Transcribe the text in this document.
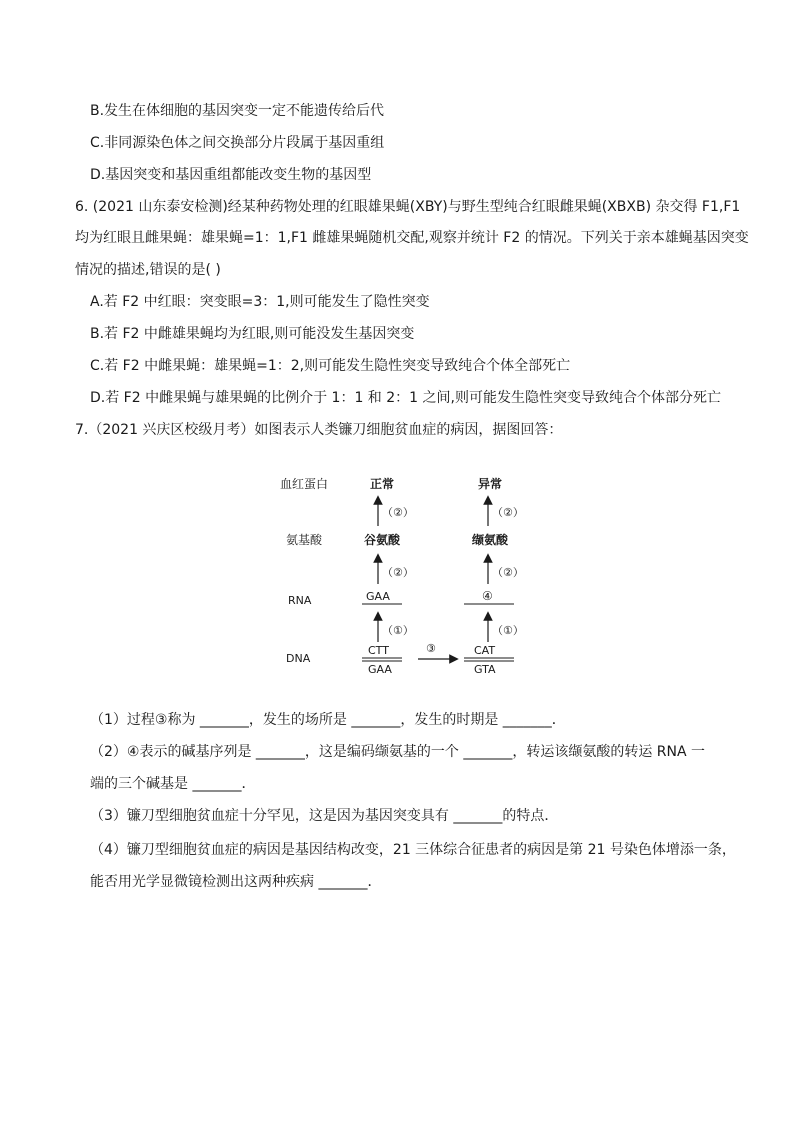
B.发生在体细胞的基因突变一定不能遗传给后代
C.非同源染色体之间交换部分片段属于基因重组
D.基因突变和基因重组都能改变生物的基因型
6. (2021 山东泰安检测)经某种药物处理的红眼雄果蝇(XBY)与野生型纯合红眼雌果蝇(XBXB) 杂交得 F1,F1
均为红眼且雌果蝇：雄果蝇=1：1,F1 雌雄果蝇随机交配,观察并统计 F2 的情况。下列关于亲本雄蝇基因突变
情况的描述,错误的是( )
A.若 F2 中红眼：突变眼=3：1,则可能发生了隐性突变
B.若 F2 中雌雄果蝇均为红眼,则可能没发生基因突变
C.若 F2 中雌果蝇：雄果蝇=1：2,则可能发生隐性突变导致纯合个体全部死亡
D.若 F2 中雌果蝇与雄果蝇的比例介于 1：1 和 2：1 之间,则可能发生隐性突变导致纯合个体部分死亡
7.（2021 兴庆区校级月考）如图表示人类镰刀细胞贫血症的病因，据图回答：
血红蛋白
氨基酸
RNA
DNA
正常
（②）
谷氨酸
（②）
GAA
（①）
CTT
GAA
③
异常
（②）
缬氨酸
（②）
④
（①）
CAT
GTA
（1）过程③称为 _______，发生的场所是 _______，发生的时期是 _______．
（2）④表示的碱基序列是 _______，这是编码缬氨基的一个 _______，转运该缬氨酸的转运 RNA 一
端的三个碱基是 _______．
（3）镰刀型细胞贫血症十分罕见，这是因为基因突变具有 _______的特点．
（4）镰刀型细胞贫血症的病因是基因结构改变，21 三体综合征患者的病因是第 21 号染色体增添一条，
能否用光学显微镜检测出这两种疾病 _______．
